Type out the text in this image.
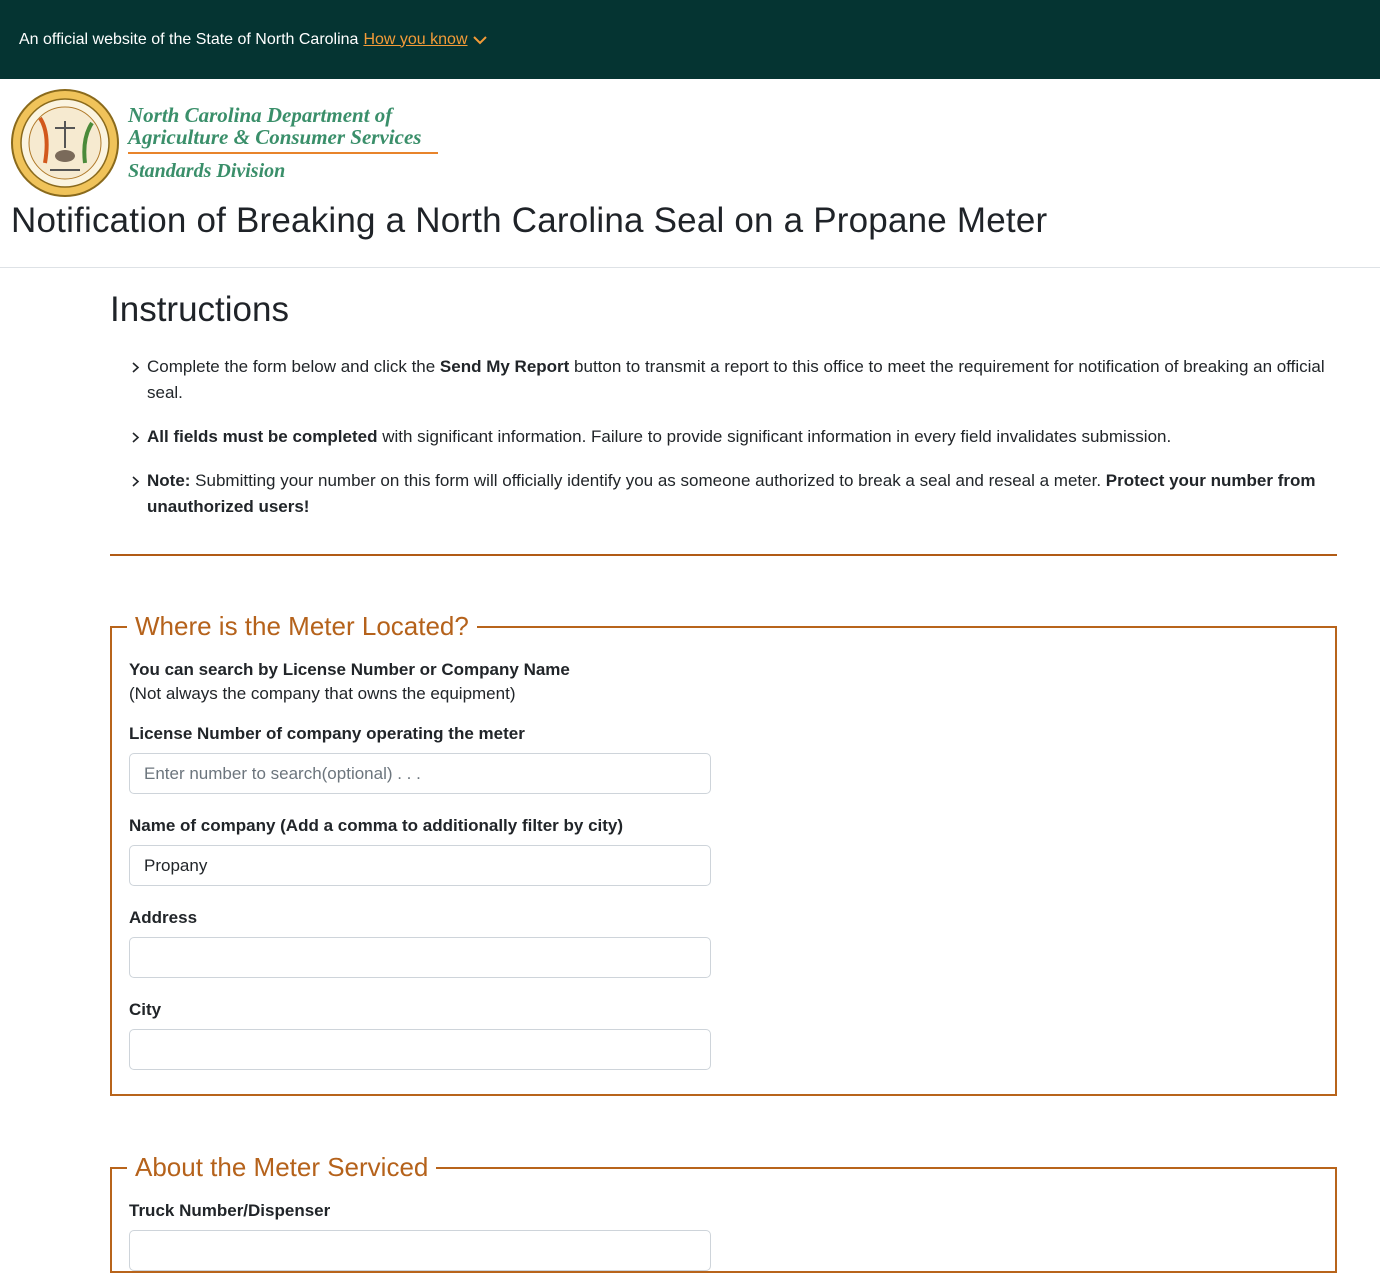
An official website of the State of North Carolina How you know
North Carolina Department of
Agriculture & Consumer Services
Standards Division
Notification of Breaking a North Carolina Seal on a Propane Meter
Instructions
Complete the form below and click the Send My Report button to transmit a report to this office to meet the requirement for notification of breaking an official seal.
All fields must be completed with significant information. Failure to provide significant information in every field invalidates submission.
Note: Submitting your number on this form will officially identify you as someone authorized to break a seal and reseal a meter. Protect your number from unauthorized users!
Where is the Meter Located?
You can search by License Number or Company Name
(Not always the company that owns the equipment)
License Number of company operating the meter
Enter number to search(optional) . . .
Name of company (Add a comma to additionally filter by city)
Propany
Address
City
About the Meter Serviced
Truck Number/Dispenser
